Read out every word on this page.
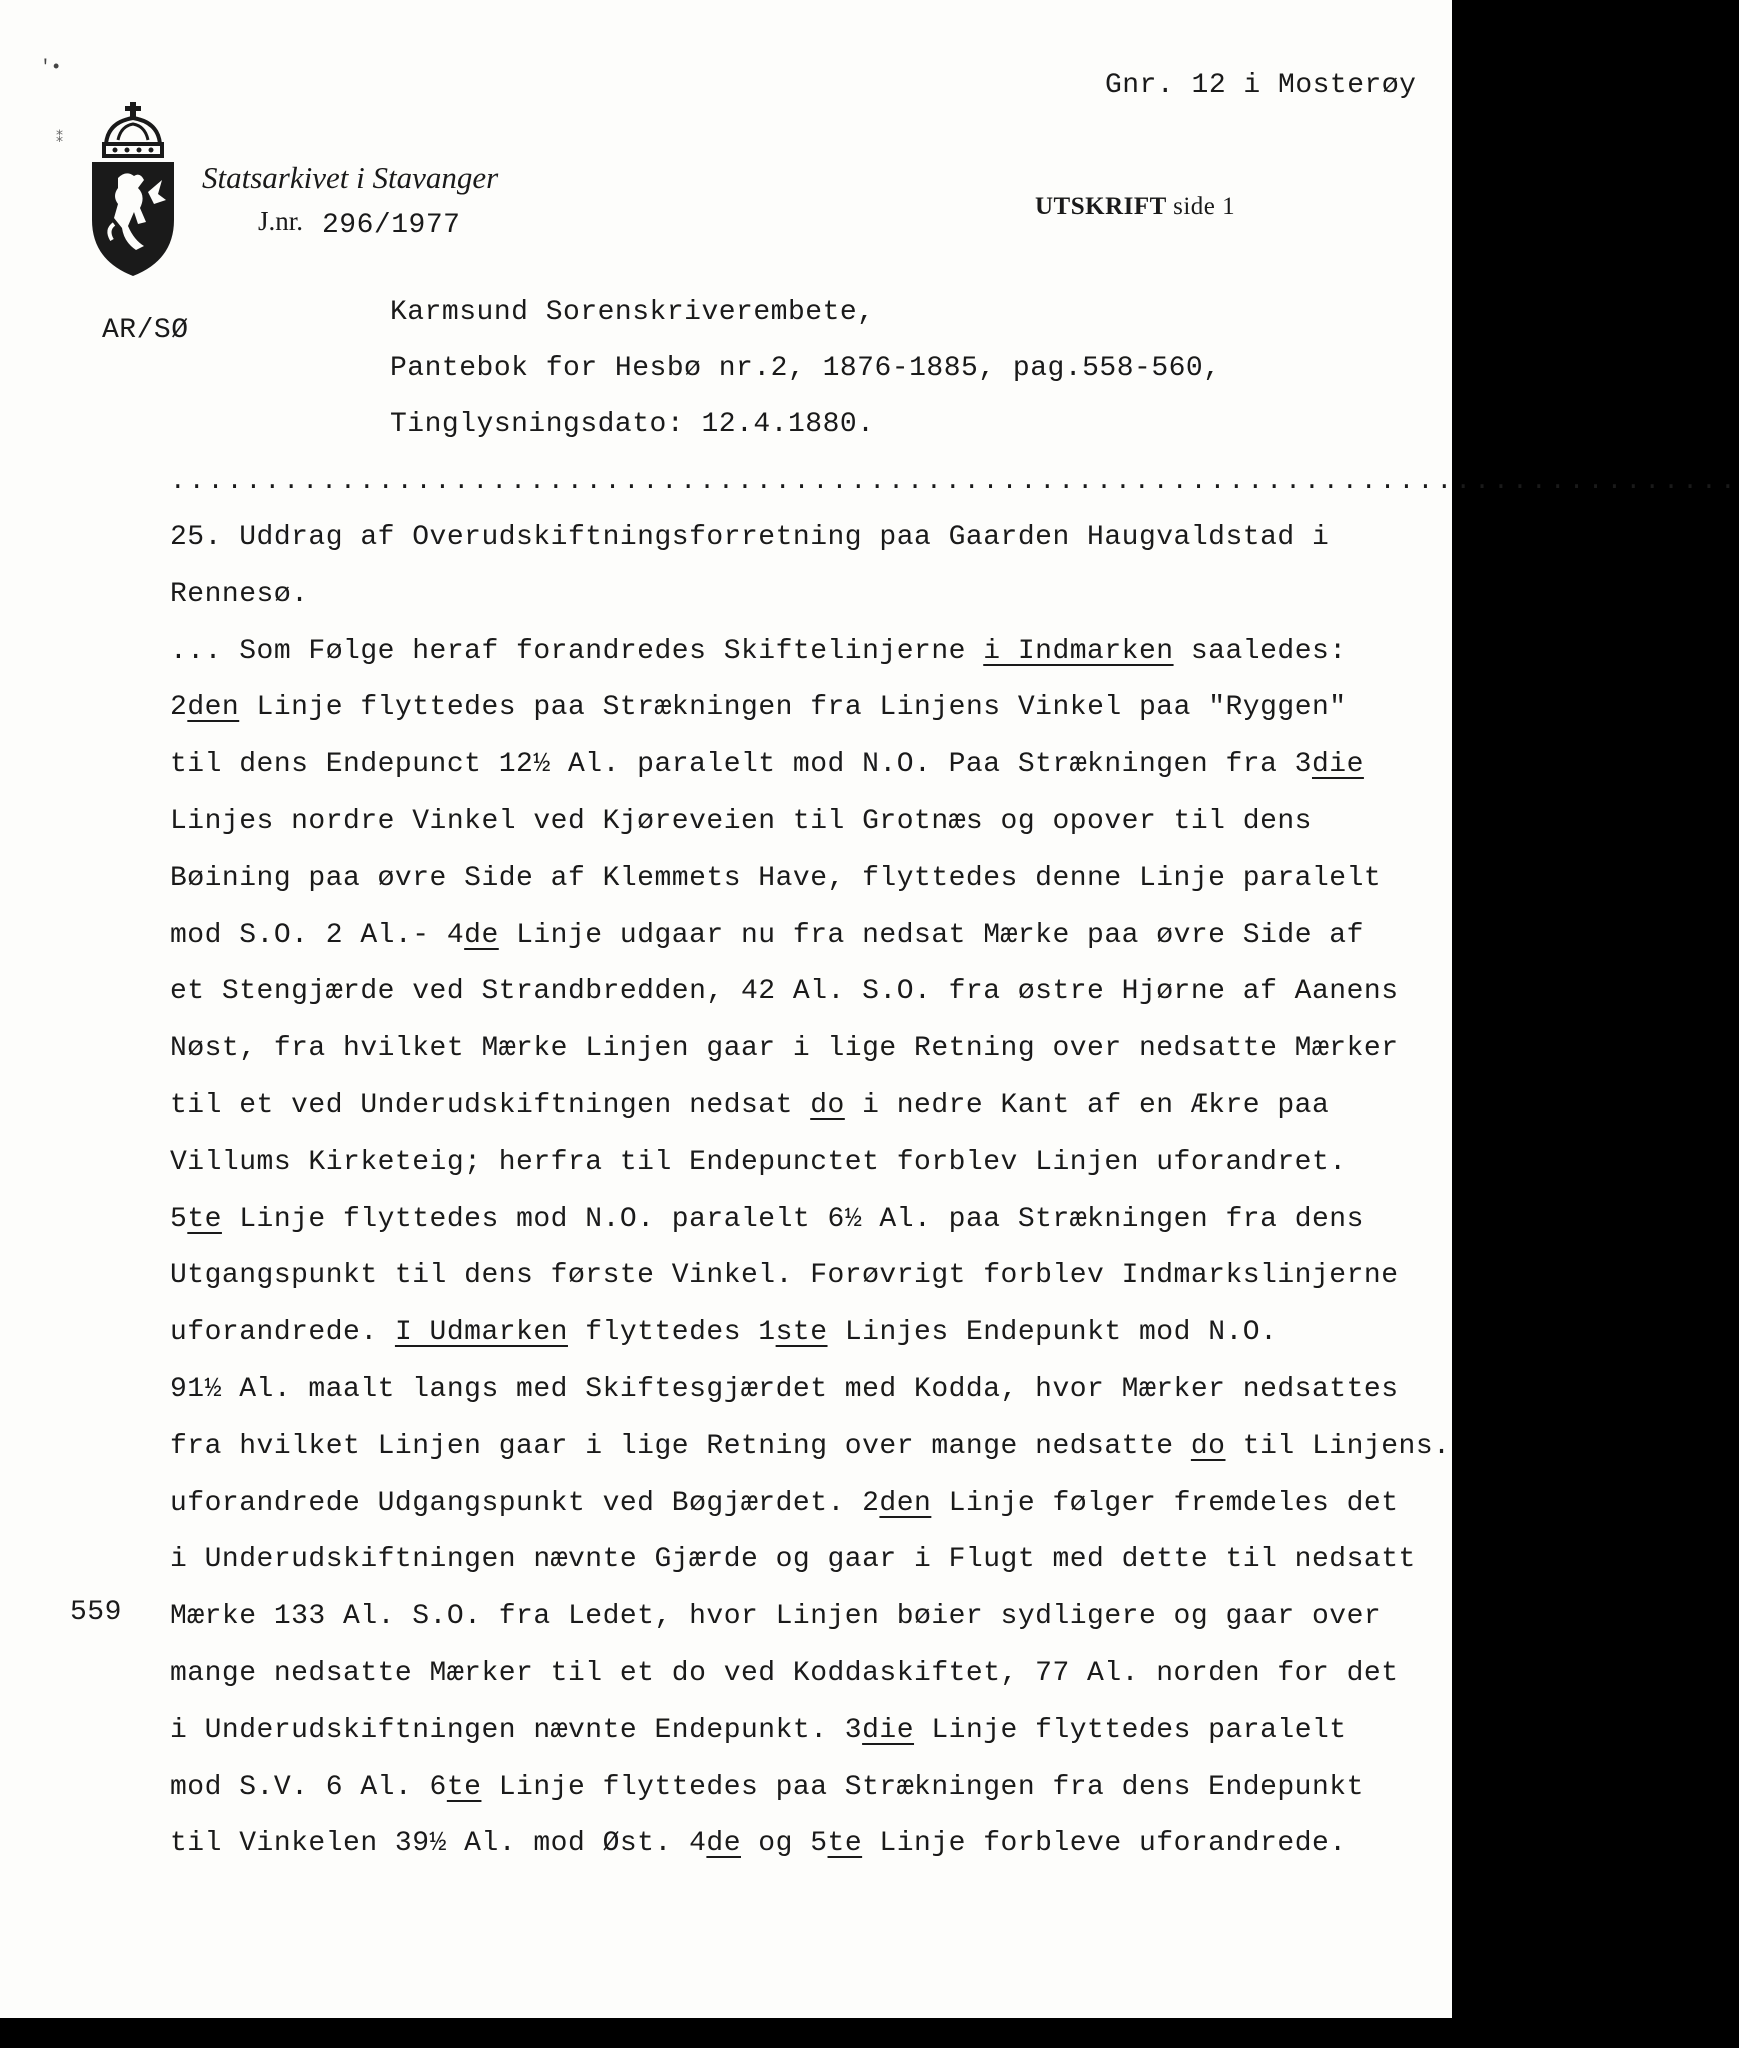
'•
⁑
Gnr. 12 i Mosterøy
Statsarkivet i Stavanger
J.nr. 296/1977
UTSKRIFT side 1
AR/SØ
Karmsund Sorenskriverembete,
Pantebok for Hesbø nr.2, 1876-1885, pag.558-560,
Tinglysningsdato: 12.4.1880.
...................................................................................
559
25. Uddrag af Overudskiftningsforretning paa Gaarden Haugvaldstad i
Rennesø.
... Som Følge heraf forandredes Skiftelinjerne i Indmarken saaledes:
2den Linje flyttedes paa Strækningen fra Linjens Vinkel paa "Ryggen"
til dens Endepunct 12½ Al. paralelt mod N.O. Paa Strækningen fra 3die
Linjes nordre Vinkel ved Kjøreveien til Grotnæs og opover til dens
Bøining paa øvre Side af Klemmets Have, flyttedes denne Linje paralelt
mod S.O. 2 Al.- 4de Linje udgaar nu fra nedsat Mærke paa øvre Side af
et Stengjærde ved Strandbredden, 42 Al. S.O. fra østre Hjørne af Aanens
Nøst, fra hvilket Mærke Linjen gaar i lige Retning over nedsatte Mærker
til et ved Underudskiftningen nedsat do i nedre Kant af en Ækre paa
Villums Kirketeig; herfra til Endepunctet forblev Linjen uforandret.
5te Linje flyttedes mod N.O. paralelt 6½ Al. paa Strækningen fra dens
Utgangspunkt til dens første Vinkel. Forøvrigt forblev Indmarkslinjerne
uforandrede. I Udmarken flyttedes 1ste Linjes Endepunkt mod N.O.
91½ Al. maalt langs med Skiftesgjærdet med Kodda, hvor Mærker nedsattes
fra hvilket Linjen gaar i lige Retning over mange nedsatte do til Linjens.
uforandrede Udgangspunkt ved Bøgjærdet. 2den Linje følger fremdeles det
i Underudskiftningen nævnte Gjærde og gaar i Flugt med dette til nedsatt
Mærke 133 Al. S.O. fra Ledet, hvor Linjen bøier sydligere og gaar over
mange nedsatte Mærker til et do ved Koddaskiftet, 77 Al. norden for det
i Underudskiftningen nævnte Endepunkt. 3die Linje flyttedes paralelt
mod S.V. 6 Al. 6te Linje flyttedes paa Strækningen fra dens Endepunkt
til Vinkelen 39½ Al. mod Øst. 4de og 5te Linje forbleve uforandrede.
